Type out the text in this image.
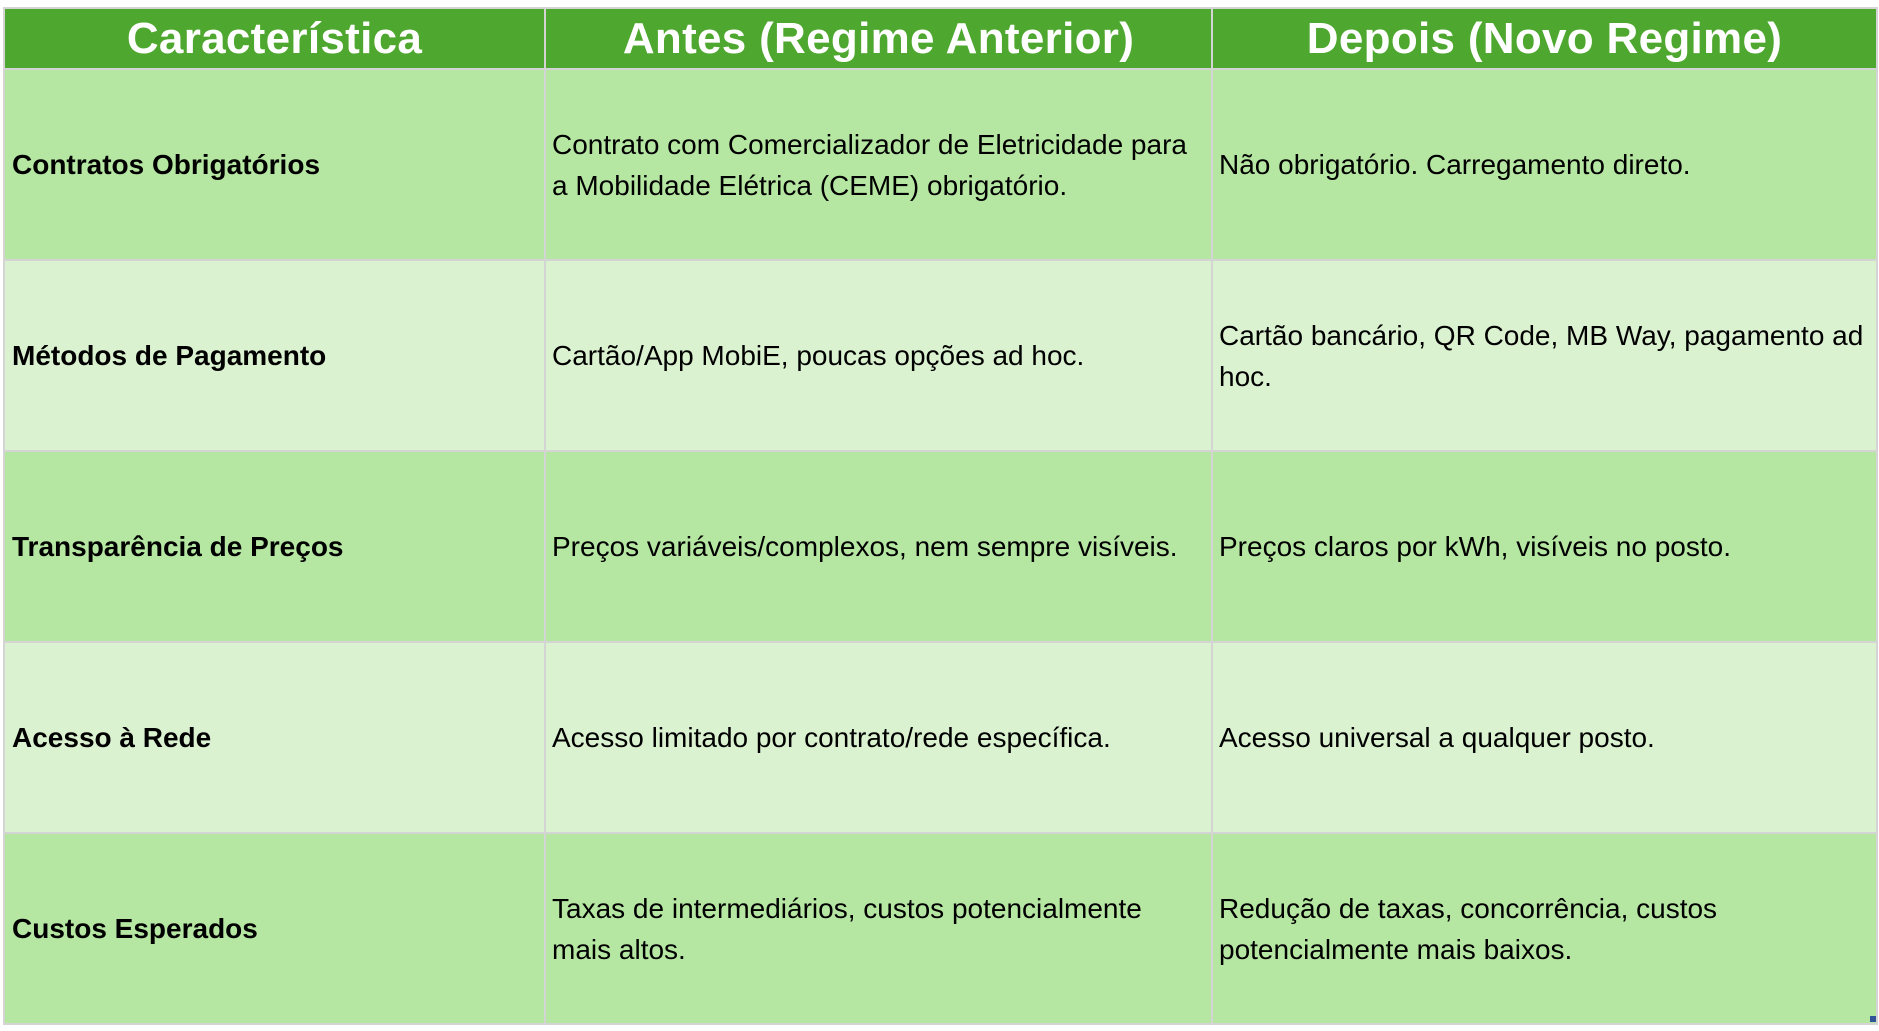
Característica	Antes (Regime Anterior)	Depois (Novo Regime)
Contratos Obrigatórios	Contrato com Comercializador de Eletricidade para a Mobilidade Elétrica (CEME) obrigatório.	Não obrigatório. Carregamento direto.
Métodos de Pagamento	Cartão/App MobiE, poucas opções ad hoc.	Cartão bancário, QR Code, MB Way, pagamento ad hoc.
Transparência de Preços	Preços variáveis/complexos, nem sempre visíveis.	Preços claros por kWh, visíveis no posto.
Acesso à Rede	Acesso limitado por contrato/rede específica.	Acesso universal a qualquer posto.
Custos Esperados	Taxas de intermediários, custos potencialmente mais altos.	Redução de taxas, concorrência, custos potencialmente mais baixos.
